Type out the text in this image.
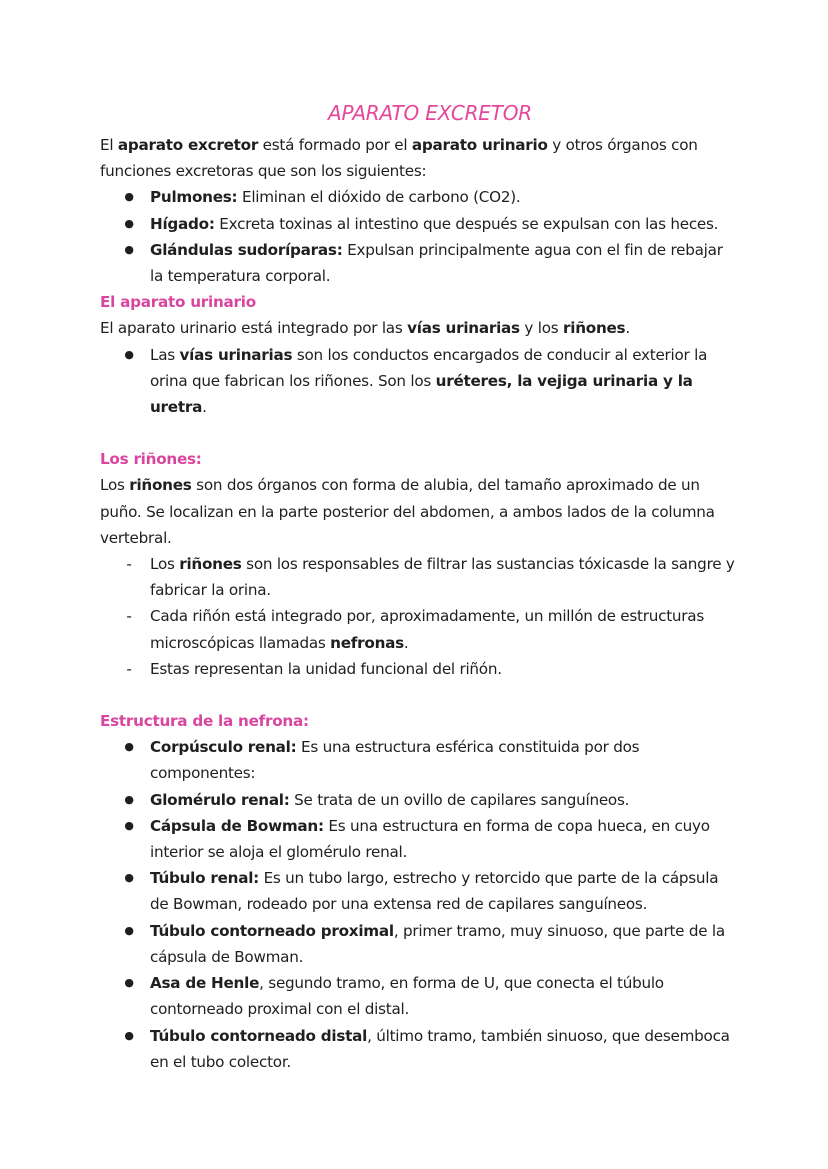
APARATO EXCRETOR

El aparato excretor está formado por el aparato urinario y otros órganos con funciones excretoras que son los siguientes:

● Pulmones: Eliminan el dióxido de carbono (CO2).
● Hígado: Excreta toxinas al intestino que después se expulsan con las heces.
● Glándulas sudoríparas: Expulsan principalmente agua con el fin de rebajar la temperatura corporal.
El aparato urinario

El aparato urinario está integrado por las vías urinarias y los riñones.

● Las vías urinarias son los conductos encargados de conducir al exterior la orina que fabrican los riñones. Son los uréteres, la vejiga urinaria y la uretra.
Los riñones:

Los riñones son dos órganos con forma de alubia, del tamaño aproximado de un puño. Se localizan en la parte posterior del abdomen, a ambos lados de la columna vertebral.

- Los riñones son los responsables de filtrar las sustancias tóxicasde la sangre y fabricar la orina.
- Cada riñón está integrado por, aproximadamente, un millón de estructuras microscópicas llamadas nefronas.
- Estas representan la unidad funcional del riñón.
Estructura de la nefrona:
● Corpúsculo renal: Es una estructura esférica constituida por dos componentes:
● Glomérulo renal: Se trata de un ovillo de capilares sanguíneos.
● Cápsula de Bowman: Es una estructura en forma de copa hueca, en cuyo interior se aloja el glomérulo renal.
● Túbulo renal: Es un tubo largo, estrecho y retorcido que parte de la cápsula de Bowman, rodeado por una extensa red de capilares sanguíneos.
● Túbulo contorneado proximal, primer tramo, muy sinuoso, que parte de la cápsula de Bowman.
● Asa de Henle, segundo tramo, en forma de U, que conecta el túbulo contorneado proximal con el distal.
● Túbulo contorneado distal, último tramo, también sinuoso, que desemboca en el tubo colector.
